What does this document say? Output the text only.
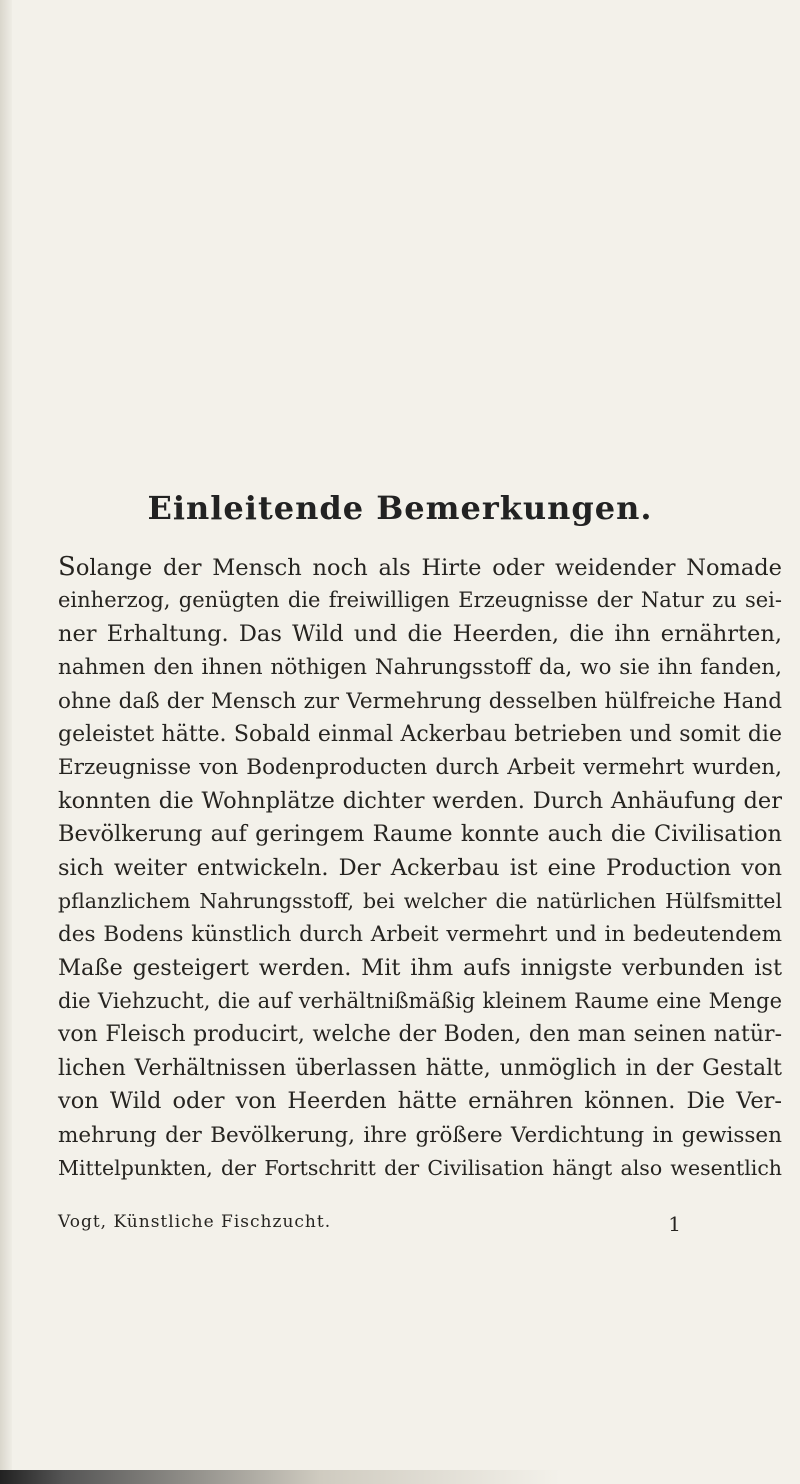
Einleitende Bemerkungen.
Solange der Mensch noch als Hirte oder weidender Nomade
einherzog, genügten die freiwilligen Erzeugnisse der Natur zu sei-
ner Erhaltung. Das Wild und die Heerden, die ihn ernährten,
nahmen den ihnen nöthigen Nahrungsstoff da, wo sie ihn fanden,
ohne daß der Mensch zur Vermehrung desselben hülfreiche Hand
geleistet hätte. Sobald einmal Ackerbau betrieben und somit die
Erzeugnisse von Bodenproducten durch Arbeit vermehrt wurden,
konnten die Wohnplätze dichter werden. Durch Anhäufung der
Bevölkerung auf geringem Raume konnte auch die Civilisation
sich weiter entwickeln. Der Ackerbau ist eine Production von
pflanzlichem Nahrungsstoff, bei welcher die natürlichen Hülfsmittel
des Bodens künstlich durch Arbeit vermehrt und in bedeutendem
Maße gesteigert werden. Mit ihm aufs innigste verbunden ist
die Viehzucht, die auf verhältnißmäßig kleinem Raume eine Menge
von Fleisch producirt, welche der Boden, den man seinen natür-
lichen Verhältnissen überlassen hätte, unmöglich in der Gestalt
von Wild oder von Heerden hätte ernähren können. Die Ver-
mehrung der Bevölkerung, ihre größere Verdichtung in gewissen
Mittelpunkten, der Fortschritt der Civilisation hängt also wesentlich
Vogt, Künstliche Fischzucht.	1
